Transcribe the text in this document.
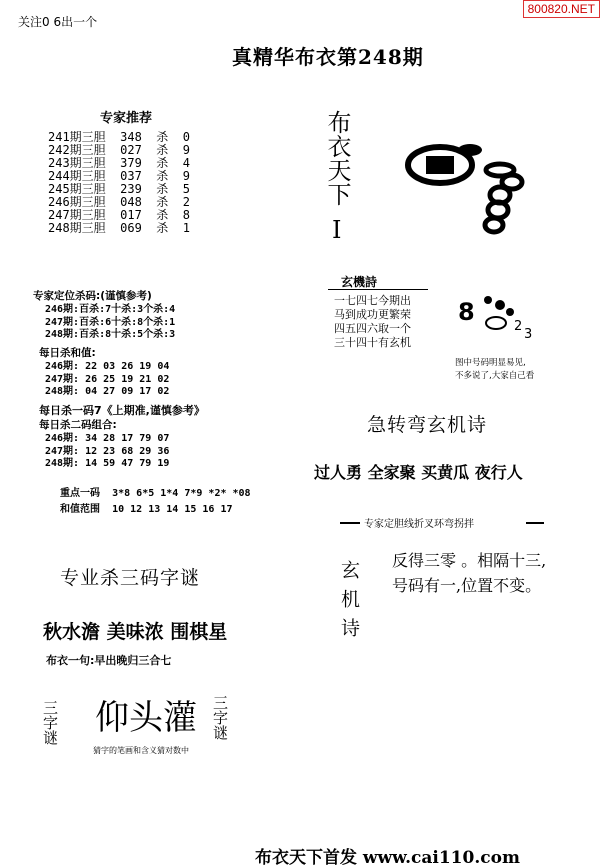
关注0 6出一个
800820.NET
真精华布衣第248期
专家推荐
241期三胆 348 杀 0
242期三胆 027 杀 9
243期三胆 379 杀 4
244期三胆 037 杀 9
245期三胆 239 杀 5
246期三胆 048 杀 2
247期三胆 017 杀 8
248期三胆 069 杀 1
专家定位杀码:(谨慎参考)
246期:百杀:7十杀:3个杀:4
247期:百杀:6十杀:8个杀:1
248期:百杀:8十杀:5个杀:3
每日杀和值:
246期: 22 03 26 19 04
247期: 26 25 19 21 02
248期: 04 27 09 17 02
每日杀一码7《上期准,谨慎参考》
每日杀二码组合:
246期: 34 28 17 79 07
247期: 12 23 68 29 36
248期: 14 59 47 79 19

重点一码 3*8 6*5 1*4 7*9 *2* *08

和值范围 10 12 13 14 15 16 17

专业杀三码字谜
秋水澹 美味浓 围棋星
布衣一句:早出晚归三合七
三字谜 仰头灌 三字谜
猜字的笔画和含义猜对数中
布衣天下
I
玄機詩
一七四七今期出
马到成功更繁荣
四五四六取一个
三十四十有玄机
8
2
3
图中号码明显易见,
不多说了,大家自己看
急转弯玄机诗
过人勇 全家聚 买黄瓜 夜行人
专家定胆线折叉环弯拐拌
玄机诗 反得三零 。相隔十三,
号码有一,位置不变。
布衣天下首发 www.cai110.com
